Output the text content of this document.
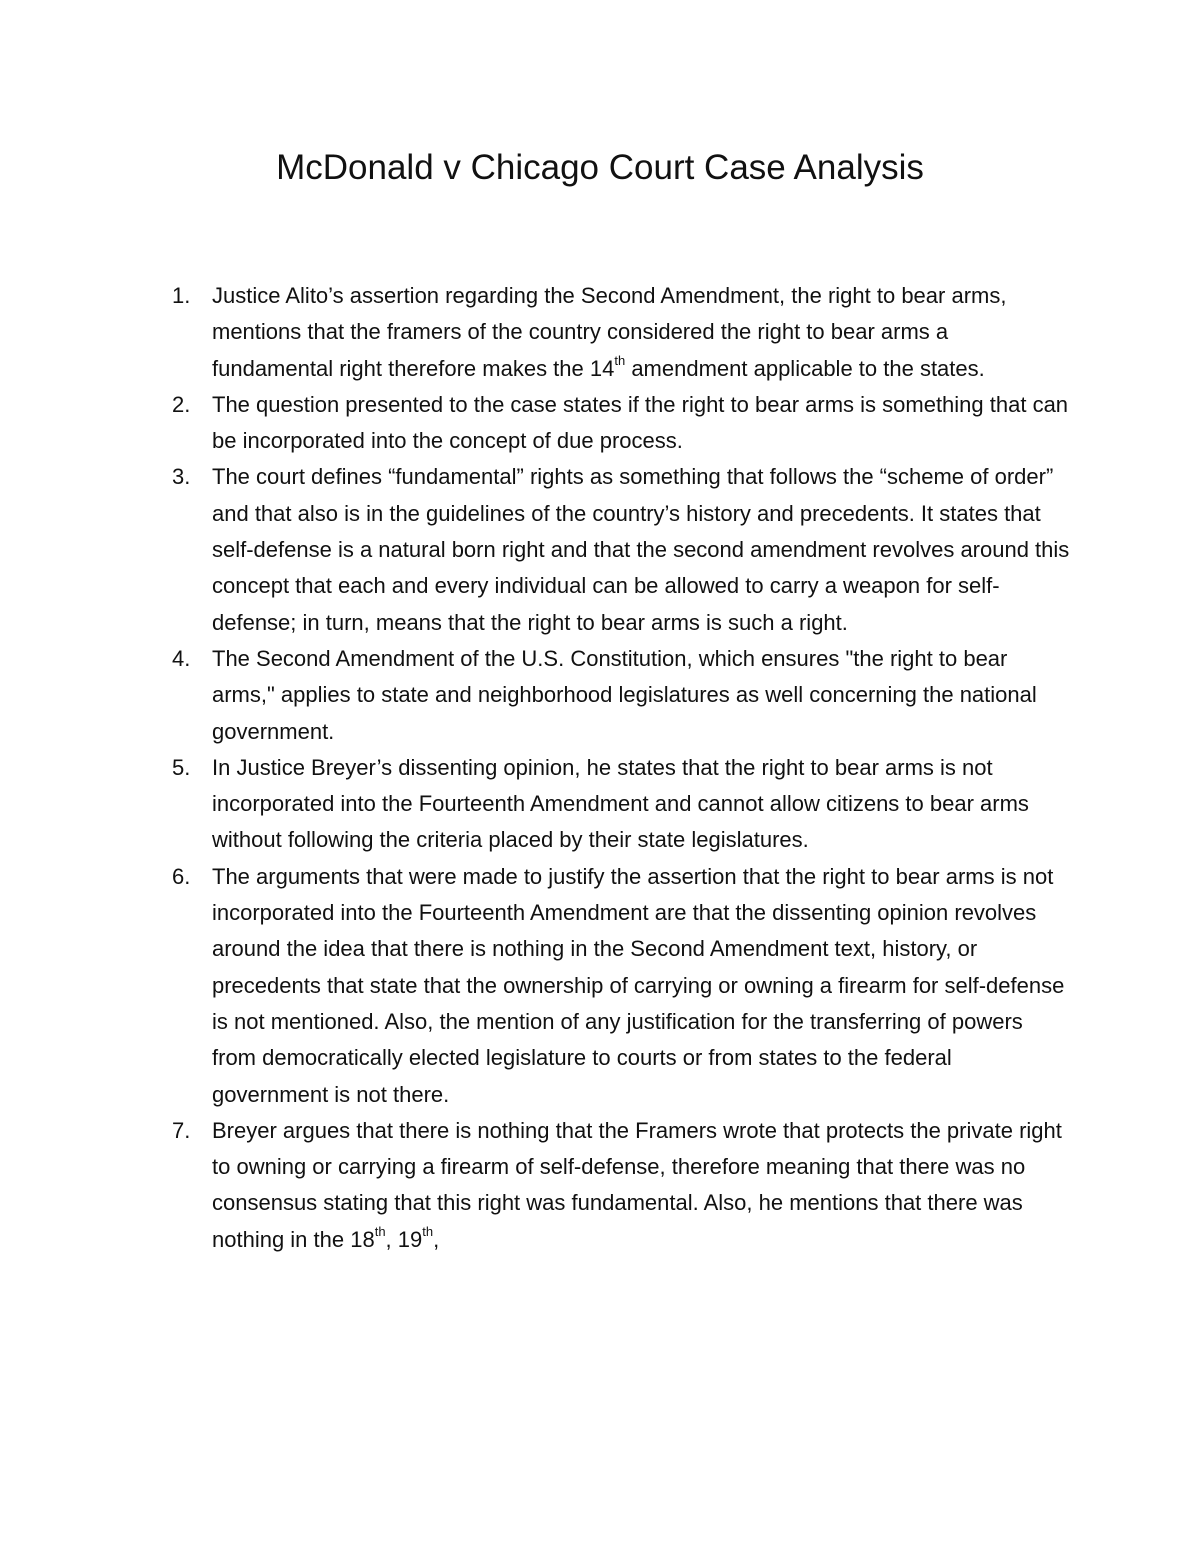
McDonald v Chicago Court Case Analysis
1. Justice Alito’s assertion regarding the Second Amendment, the right to bear arms, mentions that the framers of the country considered the right to bear arms a fundamental right therefore makes the 14th amendment applicable to the states.
2. The question presented to the case states if the right to bear arms is something that can be incorporated into the concept of due process.
3. The court defines “fundamental” rights as something that follows the “scheme of order” and that also is in the guidelines of the country’s history and precedents. It states that self-defense is a natural born right and that the second amendment revolves around this concept that each and every individual can be allowed to carry a weapon for self-defense; in turn, means that the right to bear arms is such a right.
4. The Second Amendment of the U.S. Constitution, which ensures "the right to bear arms," applies to state and neighborhood legislatures as well concerning the national government.
5. In Justice Breyer’s dissenting opinion, he states that the right to bear arms is not incorporated into the Fourteenth Amendment and cannot allow citizens to bear arms without following the criteria placed by their state legislatures.
6. The arguments that were made to justify the assertion that the right to bear arms is not incorporated into the Fourteenth Amendment are that the dissenting opinion revolves around the idea that there is nothing in the Second Amendment text, history, or precedents that state that the ownership of carrying or owning a firearm for self-defense is not mentioned. Also, the mention of any justification for the transferring of powers from democratically elected legislature to courts or from states to the federal government is not there.
7. Breyer argues that there is nothing that the Framers wrote that protects the private right to owning or carrying a firearm of self-defense, therefore meaning that there was no consensus stating that this right was fundamental. Also, he mentions that there was nothing in the 18th, 19th,
